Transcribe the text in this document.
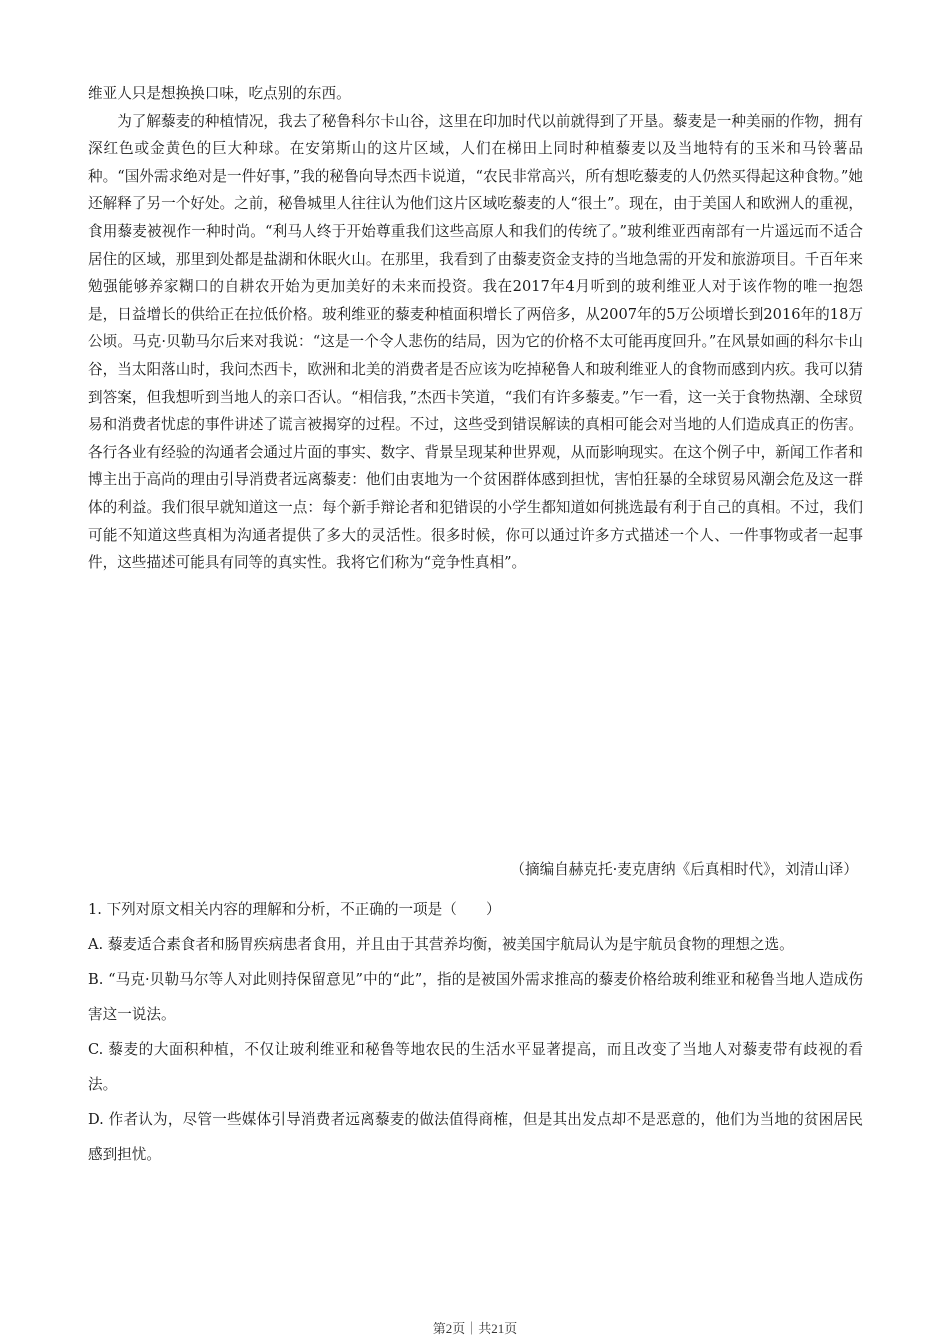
维亚人只是想换换口味，吃点别的东西。

为了解藜麦的种植情况，我去了秘鲁科尔卡山谷，这里在印加时代以前就得到了开垦。藜麦是一种美丽的作物，拥有深红色或金黄色的巨大种球。在安第斯山的这片区域，人们在梯田上同时种植藜麦以及当地特有的玉米和马铃薯品种。“国外需求绝对是一件好事，”我的秘鲁向导杰西卡说道，“农民非常高兴，所有想吃藜麦的人仍然买得起这种食物。”她还解释了另一个好处。之前，秘鲁城里人往往认为他们这片区域吃藜麦的人“很土”。现在，由于美国人和欧洲人的重视，食用藜麦被视作一种时尚。“利马人终于开始尊重我们这些高原人和我们的传统了。”玻利维亚西南部有一片遥远而不适合居住的区域，那里到处都是盐湖和休眠火山。在那里，我看到了由藜麦资金支持的当地急需的开发和旅游项目。千百年来勉强能够养家糊口的自耕农开始为更加美好的未来而投资。我在2017年4月听到的玻利维亚人对于该作物的唯一抱怨是，日益增长的供给正在拉低价格。玻利维亚的藜麦种植面积增长了两倍多，从2007年的5万公顷增长到2016年的18万公顷。马克·贝勒马尔后来对我说：“这是一个令人悲伤的结局，因为它的价格不太可能再度回升。”在风景如画的科尔卡山谷，当太阳落山时，我问杰西卡，欧洲和北美的消费者是否应该为吃掉秘鲁人和玻利维亚人的食物而感到内疚。我可以猜到答案，但我想听到当地人的亲口否认。“相信我，”杰西卡笑道，“我们有许多藜麦。”乍一看，这一关于食物热潮、全球贸易和消费者忧虑的事件讲述了谎言被揭穿的过程。不过，这些受到错误解读的真相可能会对当地的人们造成真正的伤害。各行各业有经验的沟通者会通过片面的事实、数字、背景呈现某种世界观，从而影响现实。在这个例子中，新闻工作者和博主出于高尚的理由引导消费者远离藜麦：他们由衷地为一个贫困群体感到担忧，害怕狂暴的全球贸易风潮会危及这一群体的利益。我们很早就知道这一点：每个新手辩论者和犯错误的小学生都知道如何挑选最有利于自己的真相。不过，我们可能不知道这些真相为沟通者提供了多大的灵活性。很多时候，你可以通过许多方式描述一个人、一件事物或者一起事件，这些描述可能具有同等的真实性。我将它们称为“竞争性真相”。

（摘编自赫克托·麦克唐纳《后真相时代》，刘清山译）

1. 下列对原文相关内容的理解和分析，不正确的一项是（　　）

A. 藜麦适合素食者和肠胃疾病患者食用，并且由于其营养均衡，被美国宇航局认为是宇航员食物的理想之选。

B. “马克·贝勒马尔等人对此则持保留意见”中的“此”，指的是被国外需求推高的藜麦价格给玻利维亚和秘鲁当地人造成伤害这一说法。

C. 藜麦的大面积种植，不仅让玻利维亚和秘鲁等地农民的生活水平显著提高，而且改变了当地人对藜麦带有歧视的看法。

D. 作者认为，尽管一些媒体引导消费者远离藜麦的做法值得商榷，但是其出发点却不是恶意的，他们为当地的贫困居民感到担忧。

第2页｜共21页
